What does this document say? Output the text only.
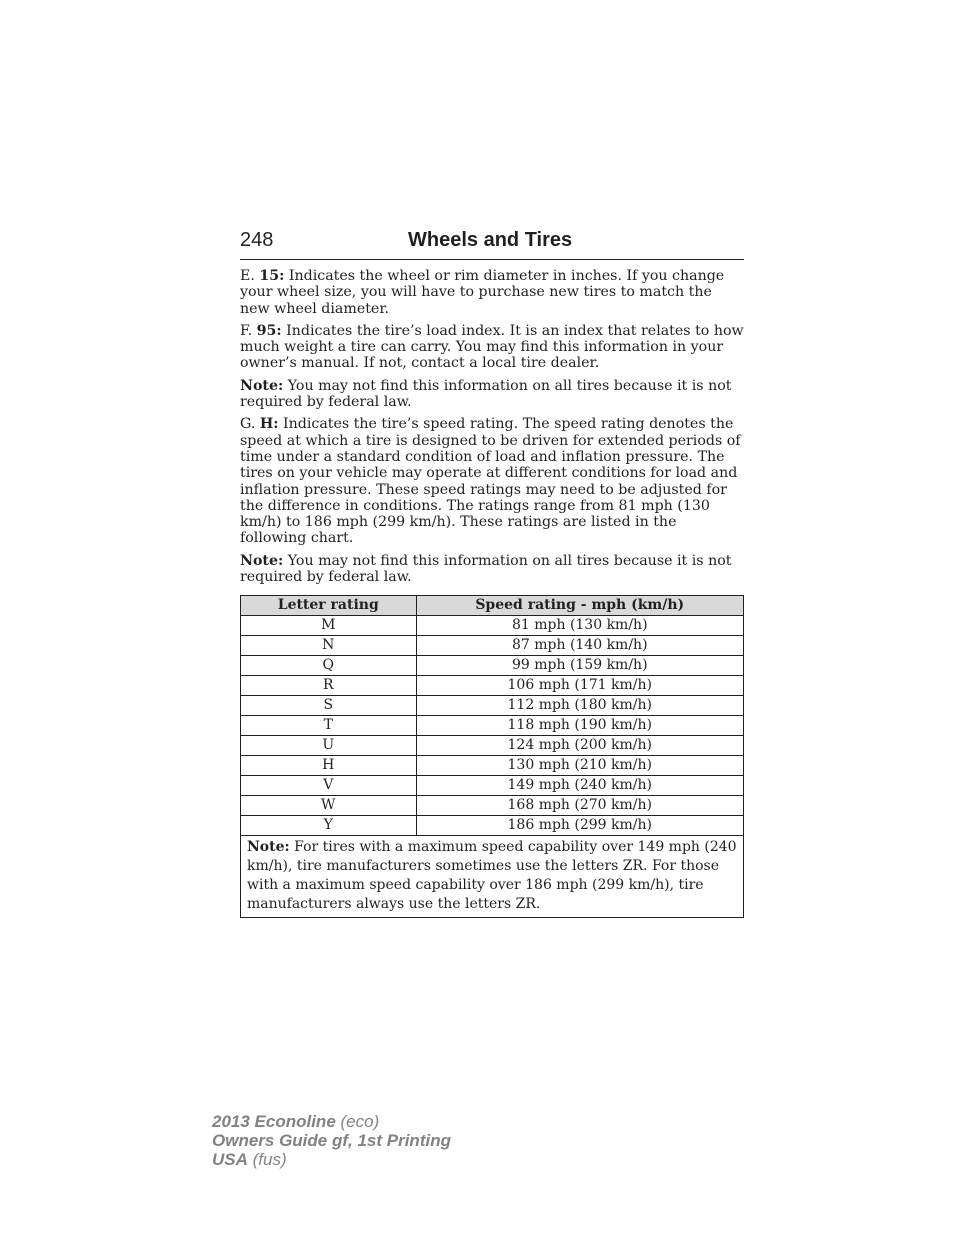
248	Wheels and Tires

E. 15: Indicates the wheel or rim diameter in inches. If you change your wheel size, you will have to purchase new tires to match the new wheel diameter.

F. 95: Indicates the tire’s load index. It is an index that relates to how much weight a tire can carry. You may find this information in your owner’s manual. If not, contact a local tire dealer.

Note: You may not find this information on all tires because it is not required by federal law.

G. H: Indicates the tire’s speed rating. The speed rating denotes the speed at which a tire is designed to be driven for extended periods of time under a standard condition of load and inflation pressure. The tires on your vehicle may operate at different conditions for load and inflation pressure. These speed ratings may need to be adjusted for the difference in conditions. The ratings range from 81 mph (130 km/h) to 186 mph (299 km/h). These ratings are listed in the following chart.

Note: You may not find this information on all tires because it is not required by federal law.

Letter rating	Speed rating - mph (km/h)
M	81 mph (130 km/h)
N	87 mph (140 km/h)
Q	99 mph (159 km/h)
R	106 mph (171 km/h)
S	112 mph (180 km/h)
T	118 mph (190 km/h)
U	124 mph (200 km/h)
H	130 mph (210 km/h)
V	149 mph (240 km/h)
W	168 mph (270 km/h)
Y	186 mph (299 km/h)
Note: For tires with a maximum speed capability over 149 mph (240 km/h), tire manufacturers sometimes use the letters ZR. For those with a maximum speed capability over 186 mph (299 km/h), tire manufacturers always use the letters ZR.	
2013 Econoline (eco)
Owners Guide gf, 1st Printing
USA (fus)
